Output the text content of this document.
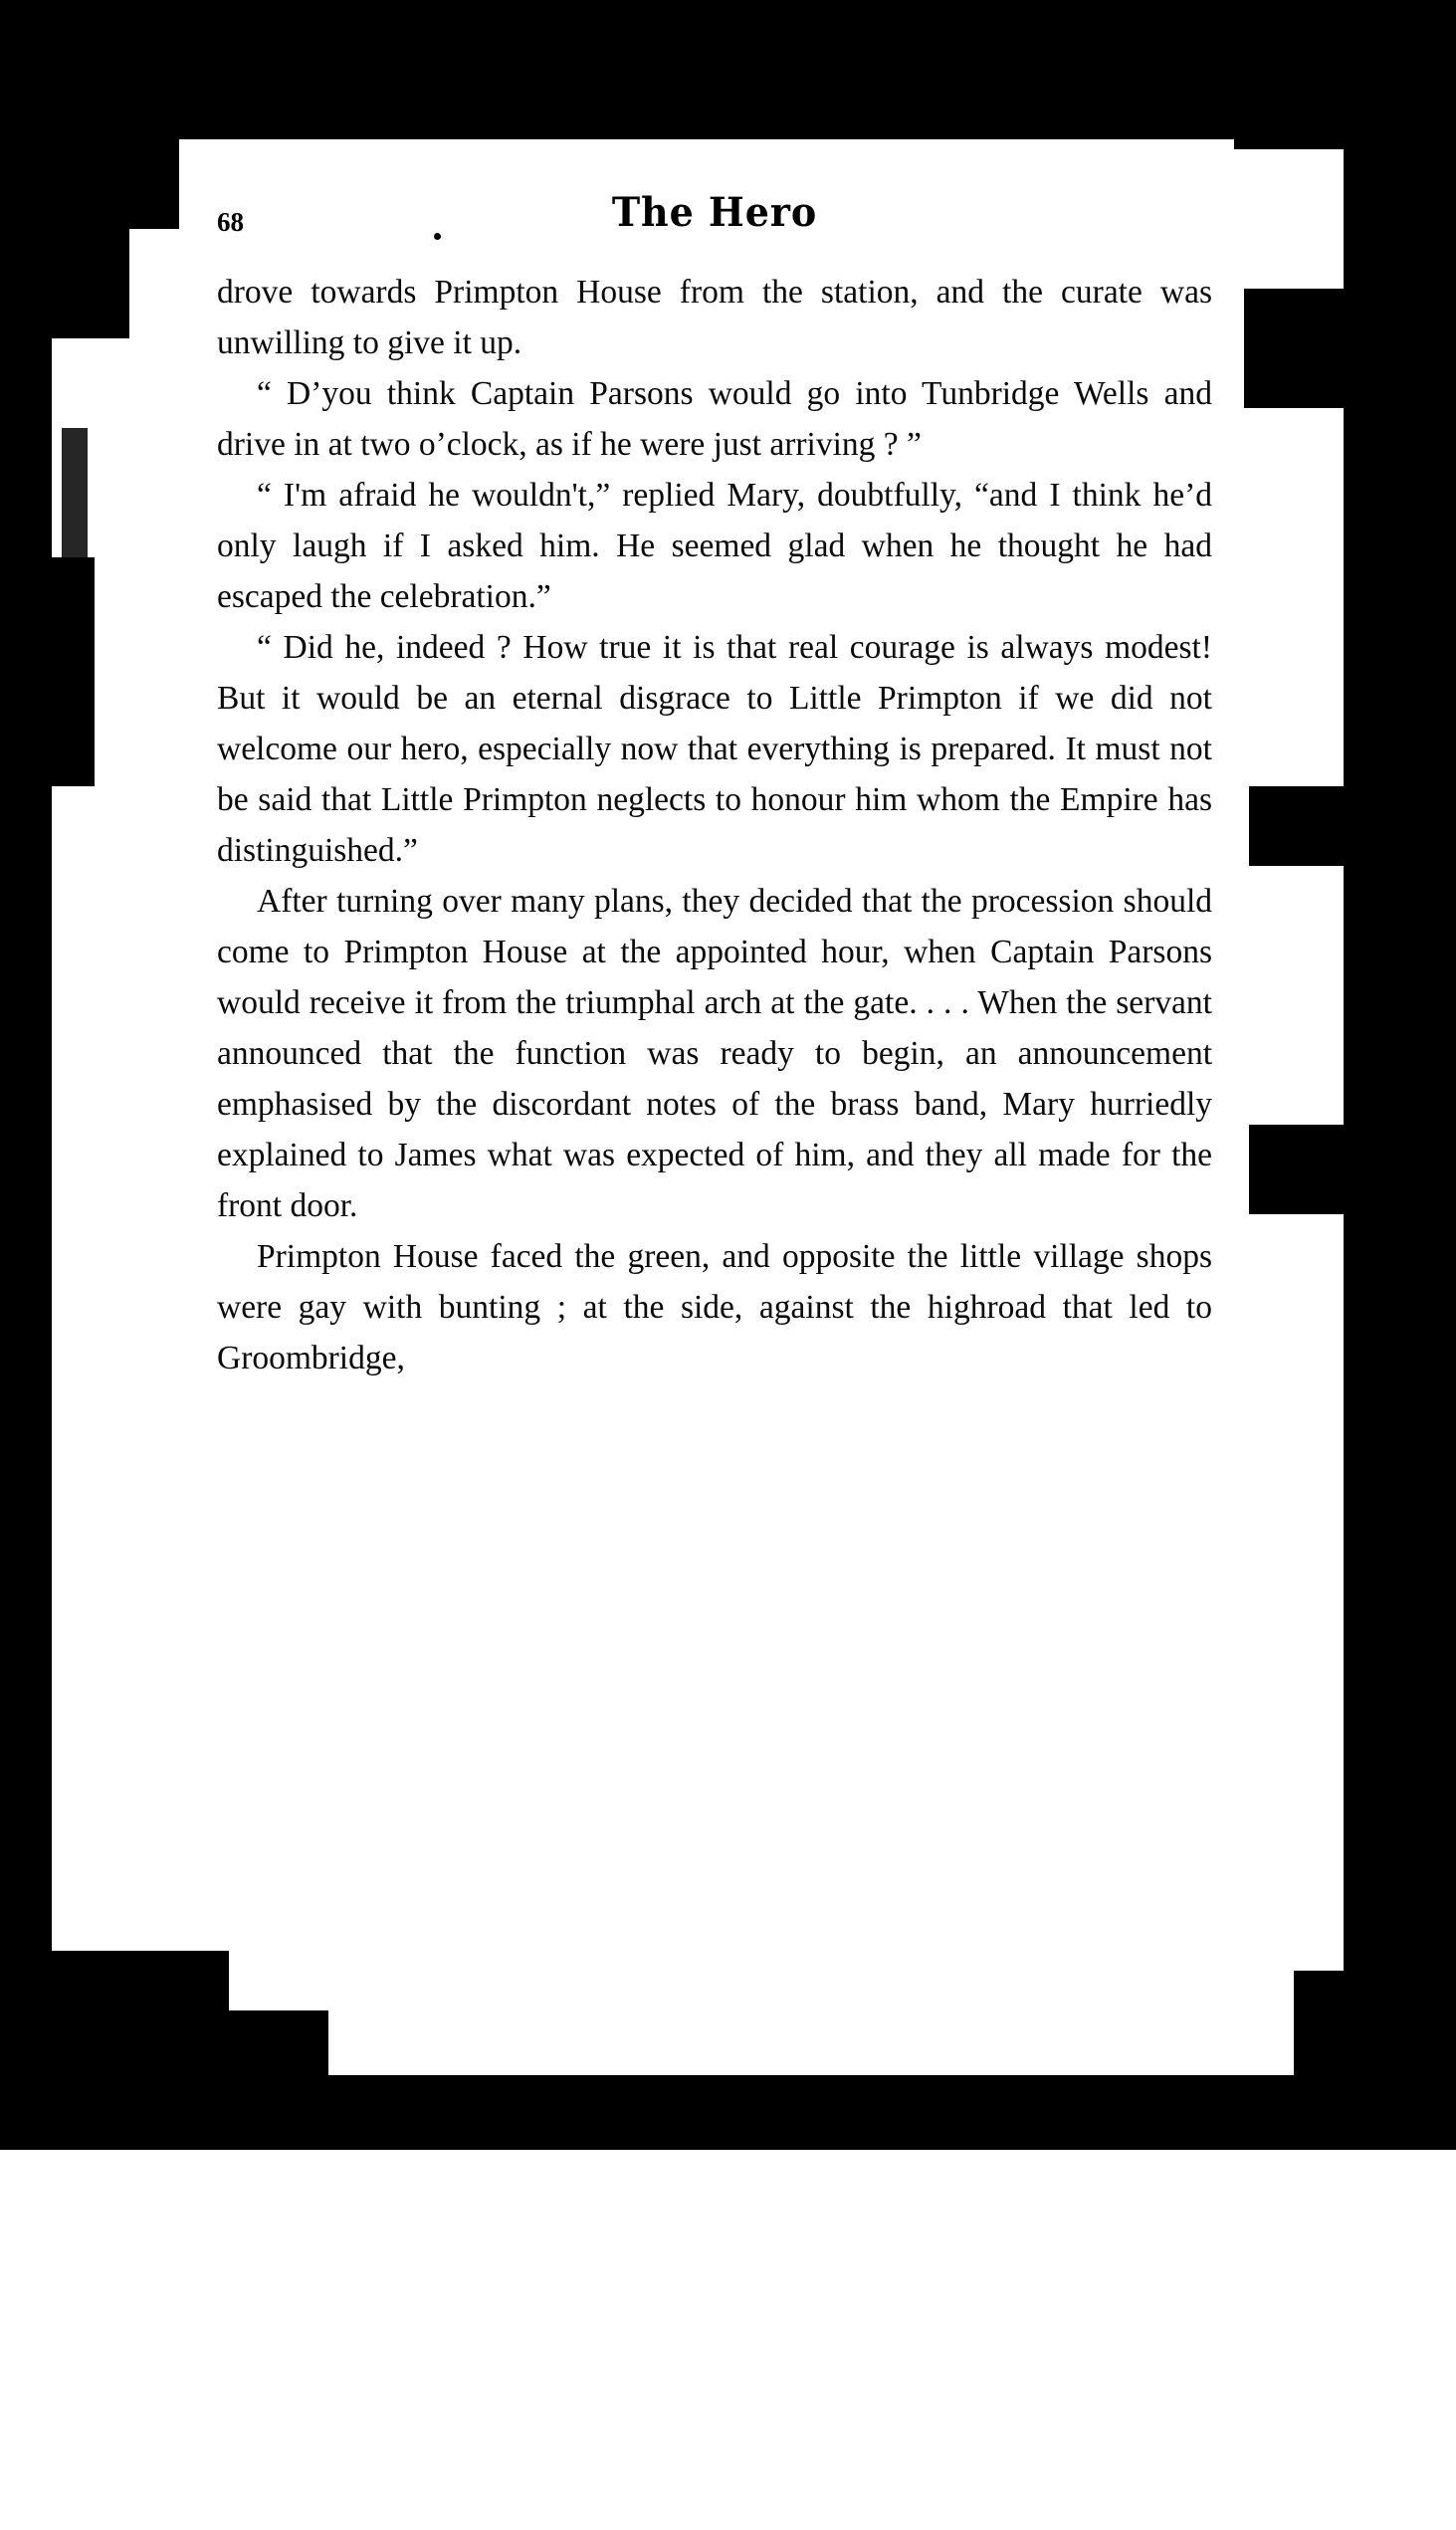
68	The Hero

drove towards Primpton House from the station, and the curate was unwilling to give it up.

“ D’you think Captain Parsons would go into Tunbridge Wells and drive in at two o’clock, as if he were just arriving ? ”

“ I'm afraid he wouldn't,” replied Mary, doubtfully, “and I think he’d only laugh if I asked him. He seemed glad when he thought he had escaped the celebration.”

“ Did he, indeed ? How true it is that real courage is always modest! But it would be an eternal disgrace to Little Primpton if we did not welcome our hero, especially now that everything is prepared. It must not be said that Little Primpton neglects to honour him whom the Empire has distinguished.”

After turning over many plans, they decided that the procession should come to Primpton House at the appointed hour, when Captain Parsons would receive it from the triumphal arch at the gate. . . . When the servant announced that the function was ready to begin, an announcement emphasised by the discordant notes of the brass band, Mary hurriedly explained to James what was expected of him, and they all made for the front door.

Primpton House faced the green, and opposite the little village shops were gay with bunting ; at the side, against the highroad that led to Groombridge,
